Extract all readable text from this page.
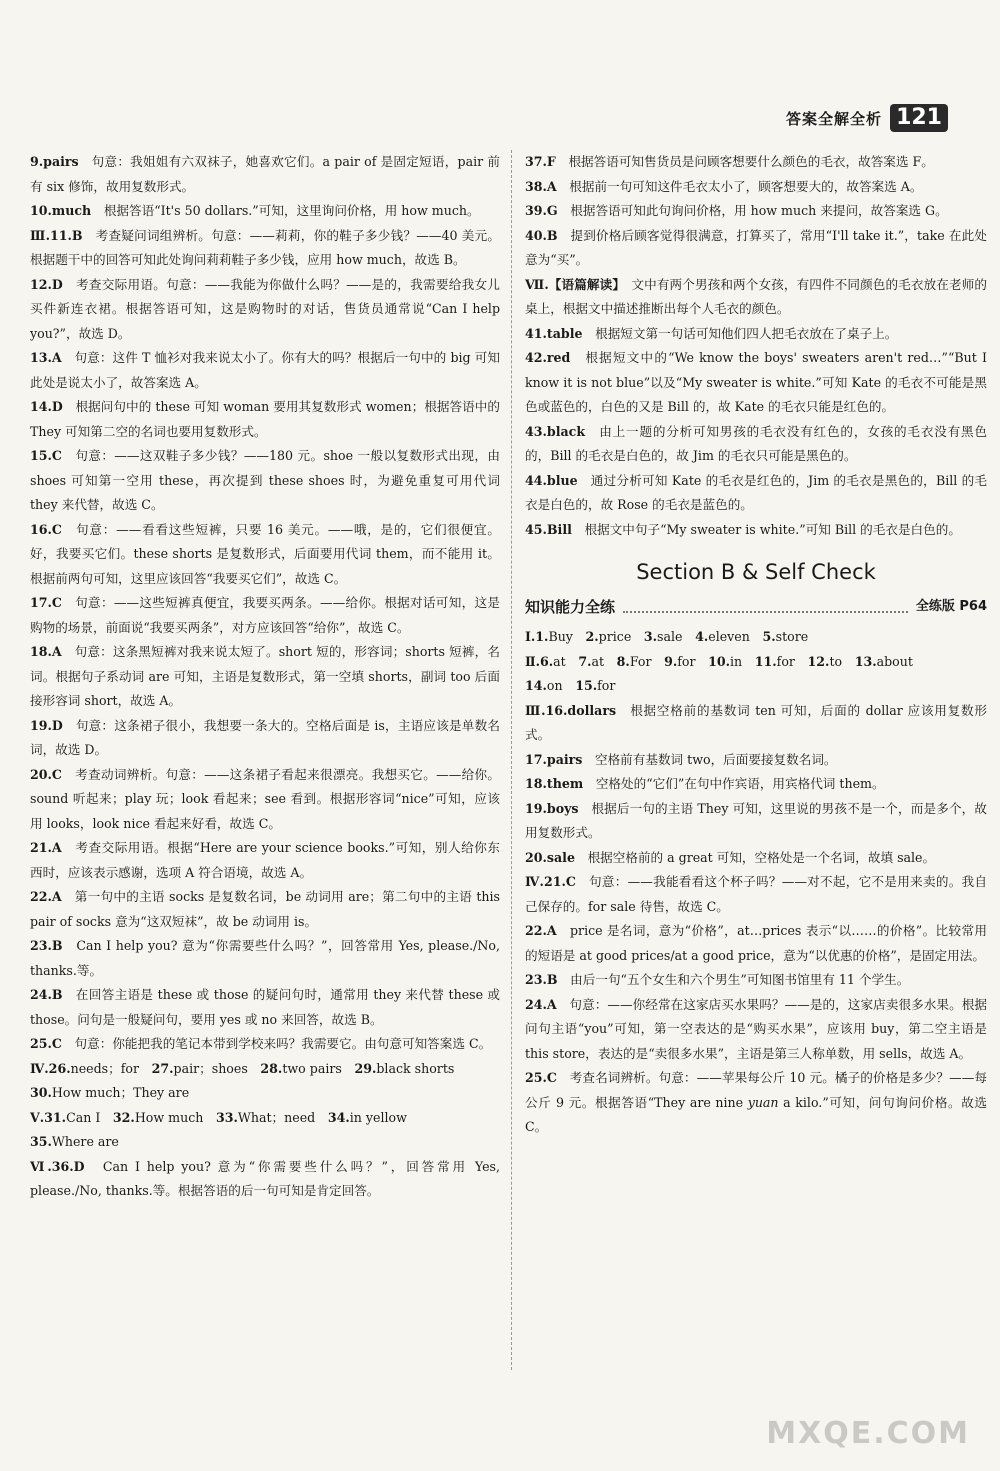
答案全解全析 121

9.pairs　句意：我姐姐有六双袜子，她喜欢它们。a pair of 是固定短语，pair 前有 six 修饰，故用复数形式。

10.much　根据答语“It's 50 dollars.”可知，这里询问价格，用 how much。

Ⅲ.11.B　考查疑问词组辨析。句意：——莉莉，你的鞋子多少钱？——40 美元。根据题干中的回答可知此处询问莉莉鞋子多少钱，应用 how much，故选 B。

12.D　考查交际用语。句意：——我能为你做什么吗？——是的，我需要给我女儿买件新连衣裙。根据答语可知，这是购物时的对话，售货员通常说“Can I help you?”，故选 D。

13.A　句意：这件 T 恤衫对我来说太小了。你有大的吗？根据后一句中的 big 可知此处是说太小了，故答案选 A。

14.D　根据问句中的 these 可知 woman 要用其复数形式 women；根据答语中的 They 可知第二空的名词也要用复数形式。

15.C　句意：——这双鞋子多少钱？——180 元。shoe 一般以复数形式出现，由 shoes 可知第一空用 these，再次提到 these shoes 时，为避免重复可用代词 they 来代替，故选 C。

16.C　句意：——看看这些短裤，只要 16 美元。——哦，是的，它们很便宜。好，我要买它们。these shorts 是复数形式，后面要用代词 them，而不能用 it。根据前两句可知，这里应该回答“我要买它们”，故选 C。

17.C　句意：——这些短裤真便宜，我要买两条。——给你。根据对话可知，这是购物的场景，前面说“我要买两条”，对方应该回答“给你”，故选 C。

18.A　句意：这条黑短裤对我来说太短了。short 短的，形容词；shorts 短裤，名词。根据句子系动词 are 可知，主语是复数形式，第一空填 shorts，副词 too 后面接形容词 short，故选 A。

19.D　句意：这条裙子很小，我想要一条大的。空格后面是 is，主语应该是单数名词，故选 D。

20.C　考查动词辨析。句意：——这条裙子看起来很漂亮。我想买它。——给你。sound 听起来；play 玩；look 看起来；see 看到。根据形容词“nice”可知，应该用 looks，look nice 看起来好看，故选 C。

21.A　考查交际用语。根据“Here are your science books.”可知，别人给你东西时，应该表示感谢，选项 A 符合语境，故选 A。

22.A　第一句中的主语 socks 是复数名词，be 动词用 are；第二句中的主语 this pair of socks 意为“这双短袜”，故 be 动词用 is。

23.B　Can I help you? 意为“你需要些什么吗？”，回答常用 Yes, please./No, thanks.等。

24.B　在回答主语是 these 或 those 的疑问句时，通常用 they 来代替 these 或 those。问句是一般疑问句，要用 yes 或 no 来回答，故选 B。

25.C　句意：你能把我的笔记本带到学校来吗？我需要它。由句意可知答案选 C。

Ⅳ.26.needs；for　27.pair；shoes　28.two pairs　29.black shorts

30.How much；They are

Ⅴ.31.Can I　32.How much　33.What；need　34.in yellow

35.Where are

Ⅵ.36.D　Can I help you? 意为“你需要些什么吗？”，回答常用 Yes, please./No, thanks.等。根据答语的后一句可知是肯定回答。

37.F　根据答语可知售货员是问顾客想要什么颜色的毛衣，故答案选 F。

38.A　根据前一句可知这件毛衣太小了，顾客想要大的，故答案选 A。

39.G　根据答语可知此句询问价格，用 how much 来提问，故答案选 G。

40.B　提到价格后顾客觉得很满意，打算买了，常用“I'll take it.”，take 在此处意为“买”。

Ⅶ.【语篇解读】　文中有两个男孩和两个女孩，有四件不同颜色的毛衣放在老师的桌上，根据文中描述推断出每个人毛衣的颜色。

41.table　根据短文第一句话可知他们四人把毛衣放在了桌子上。

42.red　根据短文中的“We know the boys' sweaters aren't red…”“But I know it is not blue”以及“My sweater is white.”可知 Kate 的毛衣不可能是黑色或蓝色的，白色的又是 Bill 的，故 Kate 的毛衣只能是红色的。

43.black　由上一题的分析可知男孩的毛衣没有红色的，女孩的毛衣没有黑色的，Bill 的毛衣是白色的，故 Jim 的毛衣只可能是黑色的。

44.blue　通过分析可知 Kate 的毛衣是红色的，Jim 的毛衣是黑色的，Bill 的毛衣是白色的，故 Rose 的毛衣是蓝色的。

45.Bill　根据文中句子“My sweater is white.”可知 Bill 的毛衣是白色的。

Section B & Self Check
知识能力全练	全练版 P64

Ⅰ.1.Buy　2.price　3.sale　4.eleven　5.store

Ⅱ.6.at　7.at　8.For　9.for　10.in　11.for　12.to　13.about

14.on　15.for

Ⅲ.16.dollars　根据空格前的基数词 ten 可知，后面的 dollar 应该用复数形式。

17.pairs　空格前有基数词 two，后面要接复数名词。

18.them　空格处的“它们”在句中作宾语，用宾格代词 them。

19.boys　根据后一句的主语 They 可知，这里说的男孩不是一个，而是多个，故用复数形式。

20.sale　根据空格前的 a great 可知，空格处是一个名词，故填 sale。

Ⅳ.21.C　句意：——我能看看这个杯子吗？——对不起，它不是用来卖的。我自己保存的。for sale 待售，故选 C。

22.A　price 是名词，意为“价格”，at…prices 表示“以……的价格”。比较常用的短语是 at good prices/at a good price，意为“以优惠的价格”，是固定用法。

23.B　由后一句“五个女生和六个男生”可知图书馆里有 11 个学生。

24.A　句意：——你经常在这家店买水果吗？——是的，这家店卖很多水果。根据问句主语“you”可知，第一空表达的是“购买水果”，应该用 buy，第二空主语是 this store，表达的是“卖很多水果”，主语是第三人称单数，用 sells，故选 A。

25.C　考查名词辨析。句意：——苹果每公斤 10 元。橘子的价格是多少？——每公斤 9 元。根据答语“They are nine yuan a kilo.”可知，问句询问价格。故选 C。

MXQE.COM
